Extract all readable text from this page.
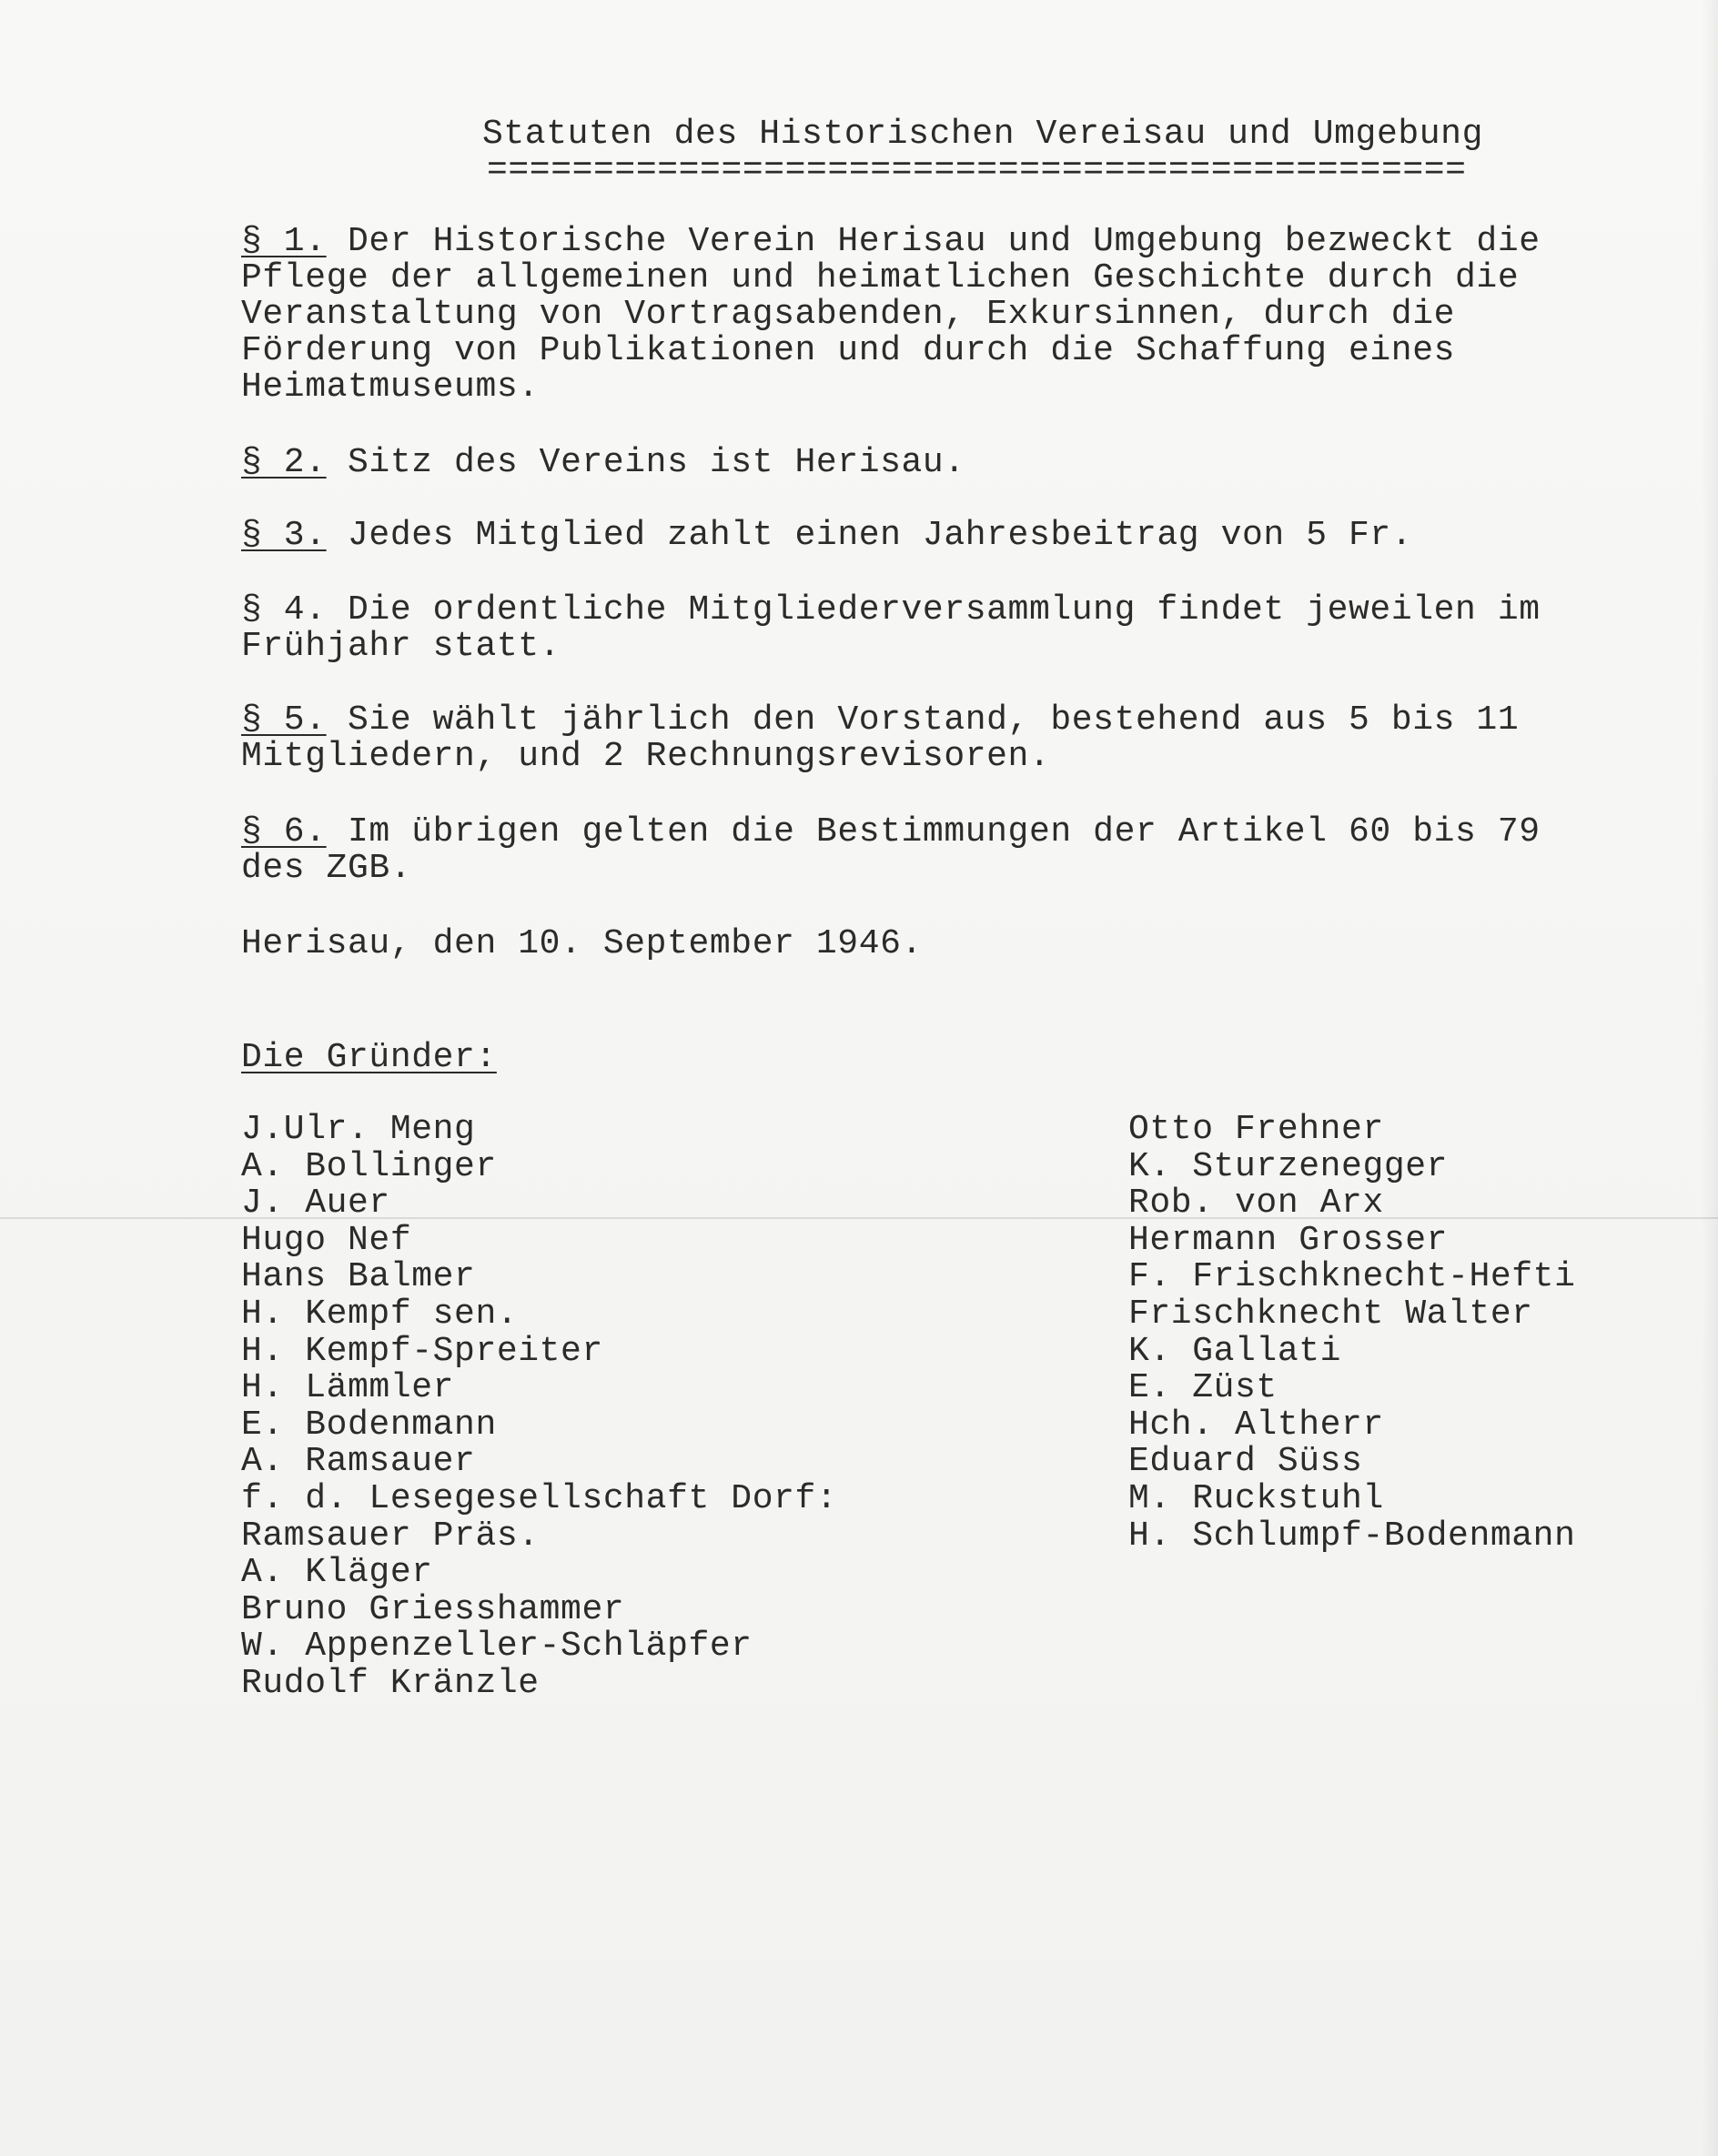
Statuten des Historischen Vereisau und Umgebung
==============================================
§ 1. Der Historische Verein Herisau und Umgebung bezweckt die
Pflege der allgemeinen und heimatlichen Geschichte durch die
Veranstaltung von Vortragsabenden, Exkursinnen, durch die
Förderung von Publikationen und durch die Schaffung eines
Heimatmuseums.
§ 2. Sitz des Vereins ist Herisau.
§ 3. Jedes Mitglied zahlt einen Jahresbeitrag von 5 Fr.
§ 4. Die ordentliche Mitgliederversammlung findet jeweilen im
Frühjahr statt.
§ 5. Sie wählt jährlich den Vorstand, bestehend aus 5 bis 11
Mitgliedern, und 2 Rechnungsrevisoren.
§ 6. Im übrigen gelten die Bestimmungen der Artikel 60 bis 79
des ZGB.
Herisau, den 10. September 1946.
Die Gründer:
J.Ulr. Meng
A. Bollinger
J. Auer
Hugo Nef
Hans Balmer
H. Kempf sen.
H. Kempf-Spreiter
H. Lämmler
E. Bodenmann
A. Ramsauer
f. d. Lesegesellschaft Dorf:
Ramsauer Präs.
A. Kläger
Bruno Griesshammer
W. Appenzeller-Schläpfer
Rudolf Kränzle
Otto Frehner
K. Sturzenegger
Rob. von Arx
Hermann Grosser
F. Frischknecht-Hefti
Frischknecht Walter
K. Gallati
E. Züst
Hch. Altherr
Eduard Süss
M. Ruckstuhl
H. Schlumpf-Bodenmann
